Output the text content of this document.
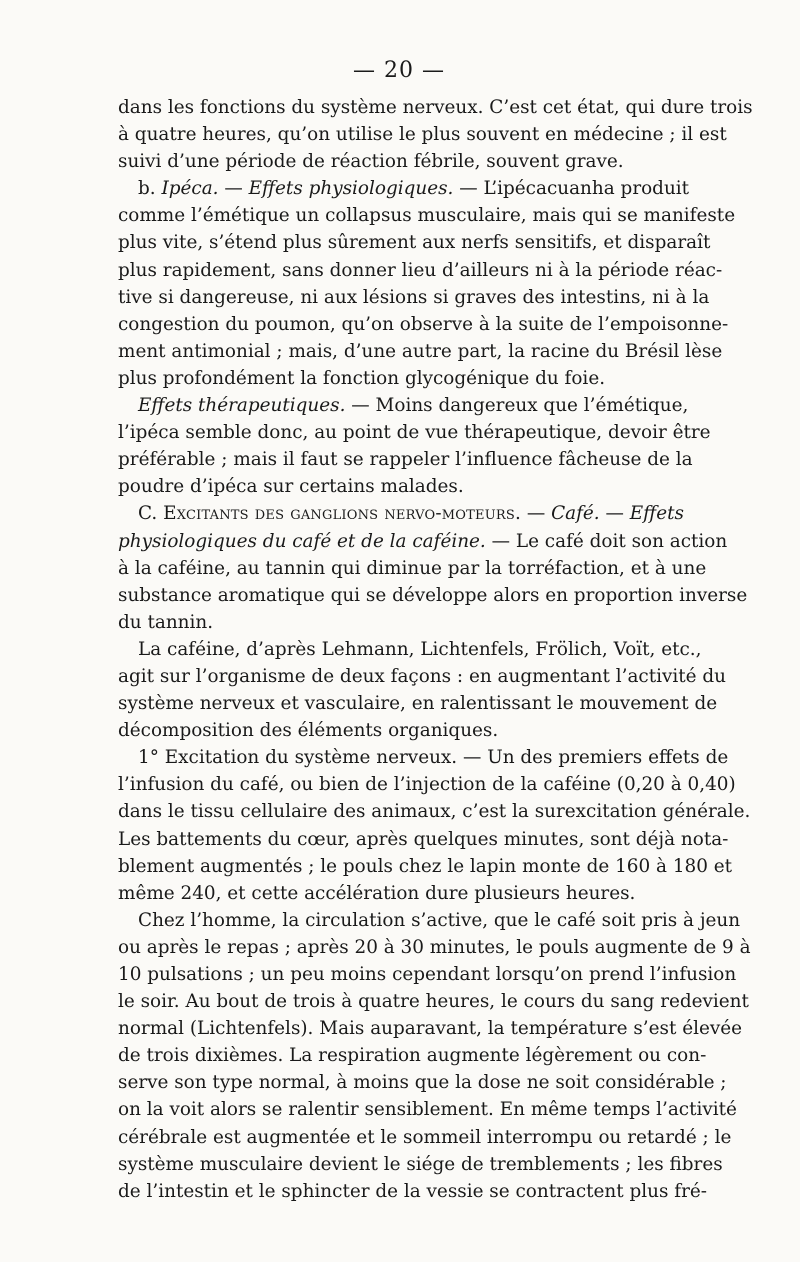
— 20 —
dans les fonctions du système nerveux. C’est cet état, qui dure trois
à quatre heures, qu’on utilise le plus souvent en médecine ; il est
suivi d’une période de réaction fébrile, souvent grave.
b. Ipéca. — Effets physiologiques. — L’ipécacuanha produit
comme l’émétique un collapsus musculaire, mais qui se manifeste
plus vite, s’étend plus sûrement aux nerfs sensitifs, et disparaît
plus rapidement, sans donner lieu d’ailleurs ni à la période réac-
tive si dangereuse, ni aux lésions si graves des intestins, ni à la
congestion du poumon, qu’on observe à la suite de l’empoisonne-
ment antimonial ; mais, d’une autre part, la racine du Brésil lèse
plus profondément la fonction glycogénique du foie.
Effets thérapeutiques. — Moins dangereux que l’émétique,
l’ipéca semble donc, au point de vue thérapeutique, devoir être
préférable ; mais il faut se rappeler l’influence fâcheuse de la
poudre d’ipéca sur certains malades.
C. Excitants des ganglions nervo-moteurs. — Café. — Effets
physiologiques du café et de la caféine. — Le café doit son action
à la caféine, au tannin qui diminue par la torréfaction, et à une
substance aromatique qui se développe alors en proportion inverse
du tannin.
La caféine, d’après Lehmann, Lichtenfels, Frölich, Voït, etc.,
agit sur l’organisme de deux façons : en augmentant l’activité du
système nerveux et vasculaire, en ralentissant le mouvement de
décomposition des éléments organiques.
1° Excitation du système nerveux. — Un des premiers effets de
l’infusion du café, ou bien de l’injection de la caféine (0,20 à 0,40)
dans le tissu cellulaire des animaux, c’est la surexcitation générale.
Les battements du cœur, après quelques minutes, sont déjà nota-
blement augmentés ; le pouls chez le lapin monte de 160 à 180 et
même 240, et cette accélération dure plusieurs heures.
Chez l’homme, la circulation s’active, que le café soit pris à jeun
ou après le repas ; après 20 à 30 minutes, le pouls augmente de 9 à
10 pulsations ; un peu moins cependant lorsqu’on prend l’infusion
le soir. Au bout de trois à quatre heures, le cours du sang redevient
normal (Lichtenfels). Mais auparavant, la température s’est élevée
de trois dixièmes. La respiration augmente légèrement ou con-
serve son type normal, à moins que la dose ne soit considérable ;
on la voit alors se ralentir sensiblement. En même temps l’activité
cérébrale est augmentée et le sommeil interrompu ou retardé ; le
système musculaire devient le siége de tremblements ; les fibres
de l’intestin et le sphincter de la vessie se contractent plus fré-
